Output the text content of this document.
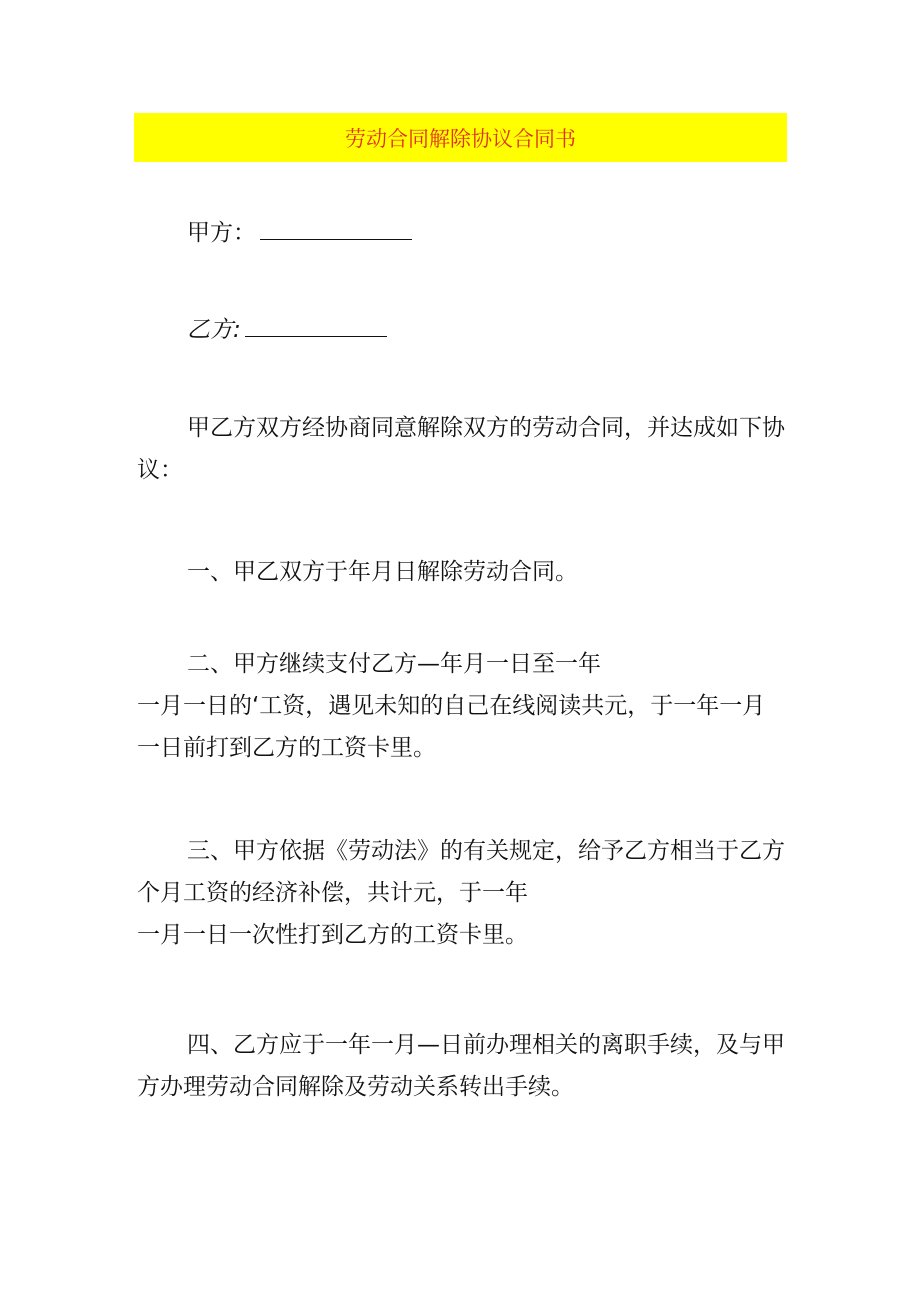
劳动合同解除协议合同书
甲方：
乙方:

甲乙方双方经协商同意解除双方的劳动合同，并达成如下协

议：

一、甲乙双方于年月日解除劳动合同。

二、甲方继续支付乙方—年月一日至一年

一月一日的‘工资，遇见未知的自己在线阅读共元，于一年一月

一日前打到乙方的工资卡里。

三、甲方依据《劳动法》的有关规定，给予乙方相当于乙方

个月工资的经济补偿，共计元，于一年

一月一日一次性打到乙方的工资卡里。

四、乙方应于一年一月—日前办理相关的离职手续，及与甲

方办理劳动合同解除及劳动关系转出手续。
